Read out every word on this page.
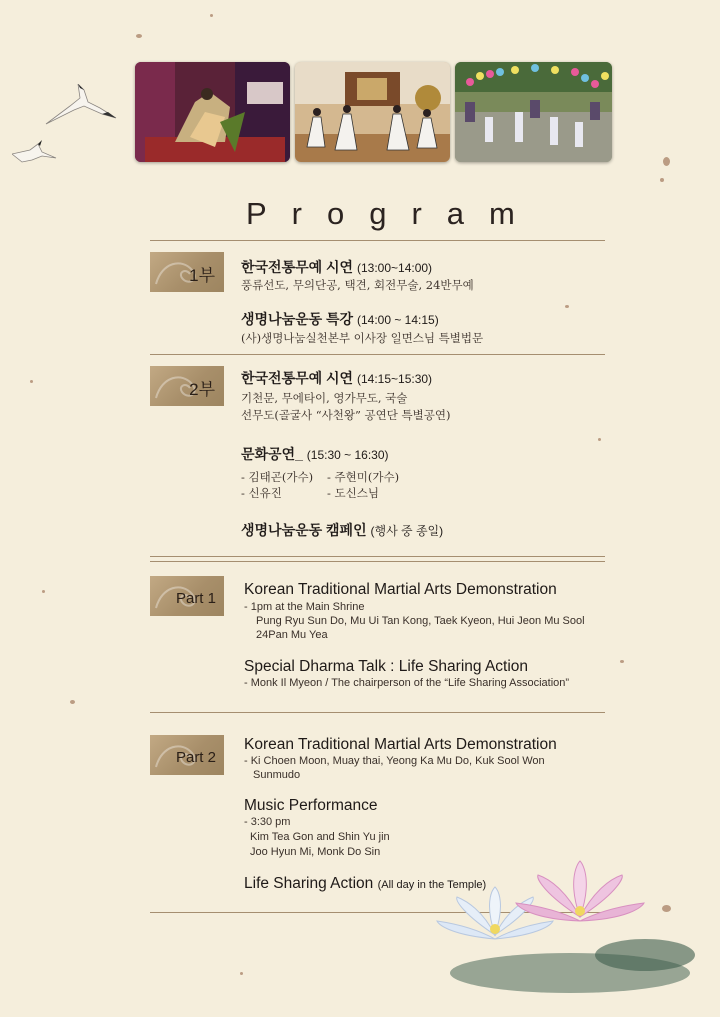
Program
1부 한국전통무예 시연 (13:00~14:00)
풍류선도, 무의단공, 택견, 회전무술, 24반무예
생명나눔운동 특강 (14:00 ~ 14:15)
(사)생명나눔실천본부 이사장 일면스님 특별법문
2부
한국전통무예 시연 (14:15~15:30)
기천문, 무에타이, 영가무도, 국술
선무도(골굴사 “사천왕” 공연단 특별공연)
문화공연_ (15:30 ~ 16:30)
- 김태곤(가수) - 주현미(가수)
- 신유진	- 도신스님
생명나눔운동 캠페인 (행사 중 종일)
Part 1
Korean Traditional Martial Arts Demonstration
- 1pm at the Main Shrine
Pung Ryu Sun Do, Mu Ui Tan Kong, Taek Kyeon, Hui Jeon Mu Sool
24Pan Mu Yea
Special Dharma Talk : Life Sharing Action
- Monk Il Myeon / The chairperson of the “Life Sharing Association”
Part 2
Korean Traditional Martial Arts Demonstration
- Ki Choen Moon, Muay thai, Yeong Ka Mu Do, Kuk Sool Won
Sunmudo
Music Performance
- 3:30 pm
Kim Tea Gon and Shin Yu jin
Joo Hyun Mi, Monk Do Sin
Life Sharing Action (All day in the Temple)
